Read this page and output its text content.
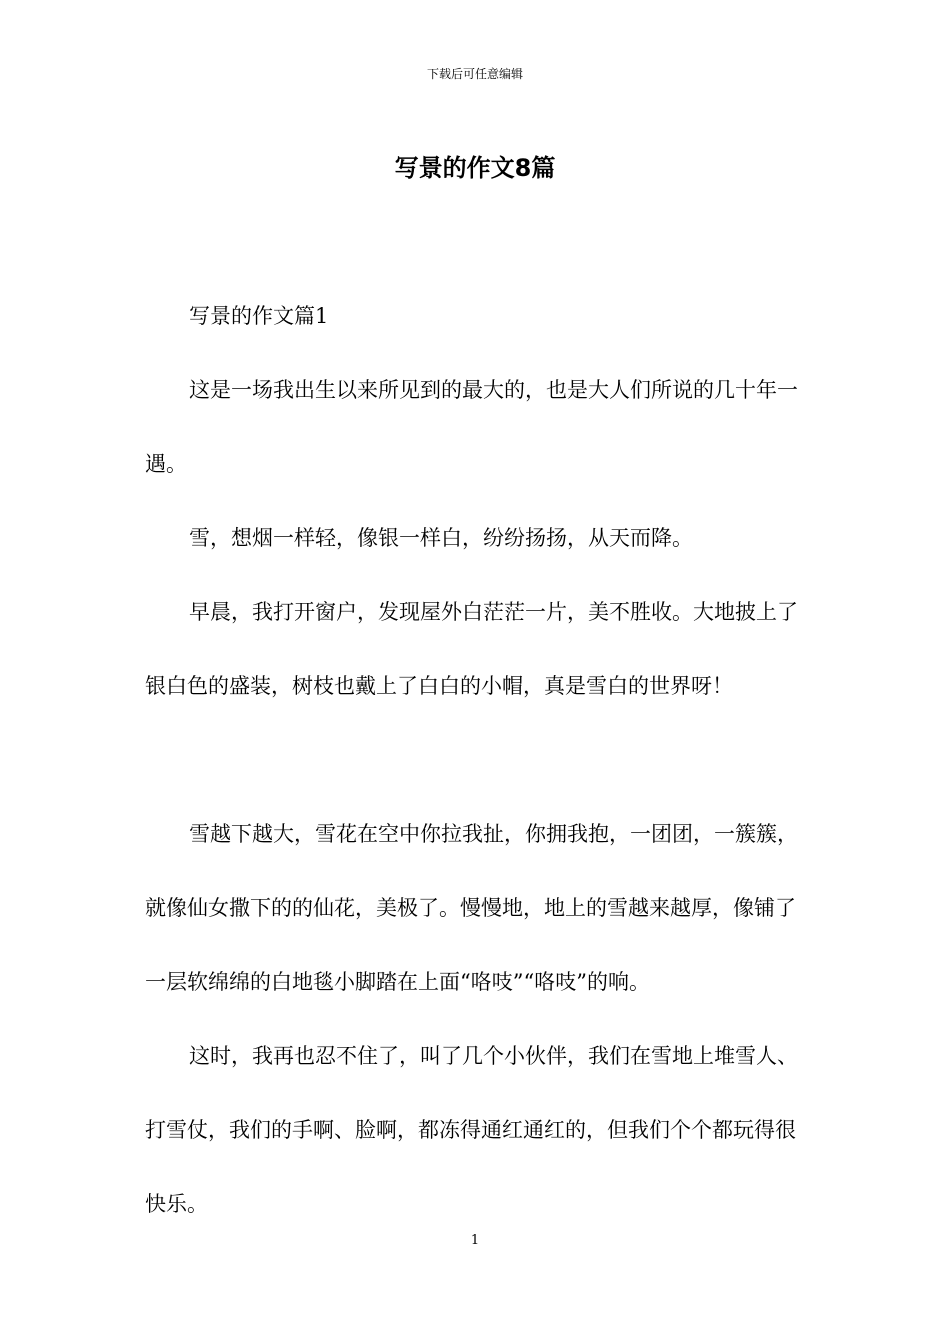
下载后可任意编辑
写景的作文8篇

写景的作文篇1

这是一场我出生以来所见到的最大的，也是大人们所说的几十年一遇。

雪，想烟一样轻，像银一样白，纷纷扬扬，从天而降。

早晨，我打开窗户，发现屋外白茫茫一片，美不胜收。大地披上了银白色的盛装，树枝也戴上了白白的小帽，真是雪白的世界呀！

雪越下越大，雪花在空中你拉我扯，你拥我抱，一团团，一簇簇，就像仙女撒下的的仙花，美极了。慢慢地，地上的雪越来越厚，像铺了一层软绵绵的白地毯小脚踏在上面“咯吱”“咯吱”的响。

这时，我再也忍不住了，叫了几个小伙伴，我们在雪地上堆雪人、打雪仗，我们的手啊、脸啊，都冻得通红通红的，但我们个个都玩得很快乐。

1
